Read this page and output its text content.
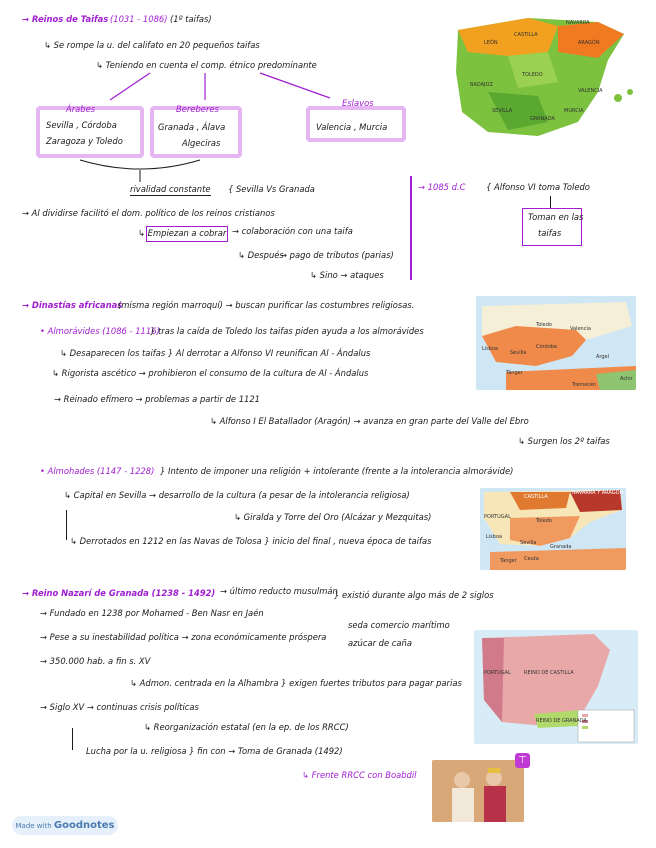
→ Reinos de Taifas (1031 - 1086) (1º taifas)
↳ Se rompe la u. del califato en 20 pequeños taifas
↳ Teniendo en cuenta el comp. étnico predominante
Árabes
Sevilla , Córdoba
Zaragoza y Toledo
Bereberes
Granada , Álava
Algeciras
Eslavos
Valencia , Murcia
rivalidad constante { Sevilla Vs Granada
→ Al dividirse facilitó el dom. político de los reinos cristianos
↳ Empiezan a cobrar → colaboración con una taifa
↳ Después
→ pago de tributos (parias)
↳ Sino → ataques
→ 1085 d.C { Alfonso VI toma Toledo
Toman en las
taifas
LEÓN
CASTILLA
NAVARRA
ARAGÓN
TOLEDO
BADAJOZ
SEVILLA
GRANADA
VALENCIA
MURCIA
→ Dinastías africanas
(misma región marroquí) → buscan purificar las costumbres religiosas.
• Almorávides (1086 - 1116)
} tras la caída de Toledo los taifas piden ayuda a los almorávides
↳ Desaparecen los taifas } Al derrotar a Alfonso VI reunifican Al - Ándalus
↳ Rigorista ascético → prohibieron el consumo de la cultura de Al - Ándalus
→ Reinado efímero → problemas a partir de 1121
↳ Alfonso I El Batallador (Aragón) → avanza en gran parte del Valle del Ebro
↳ Surgen los 2º taifas
Toledo
Valencia
Lisboa
Sevilla
Córdoba
Tánger
Argel
Achir
Tremecén
• Almohades (1147 - 1228) } Intento de imponer una religión + intolerante (frente a la intolerancia almorávide)
↳ Capital en Sevilla → desarrollo de la cultura (a pesar de la intolerancia religiosa)
↳ Giralda y Torre del Oro (Alcázar y Mezquitas)
↳ Derrotados en 1212 en las Navas de Tolosa } inicio del final , nueva época de taifas
CASTILLA
NAVARRA Y ARAGÓN
PORTUGAL
Lisboa
Toledo
Sevilla
Granada
Ceuta
Tánger
→ Reino Nazarí de Granada (1238 - 1492) → último reducto musulmán
} existió durante algo más de 2 siglos
→ Fundado en 1238 por Mohamed - Ben Nasr en Jaén
→ Pese a su inestabilidad política → zona económicamente próspera
seda comercio marítimo
azúcar de caña
→ 350.000 hab. a fin s. XV
↳ Admon. centrada en la Alhambra } exigen fuertes tributos para pagar parias
→ Siglo XV → continuas crisis políticas
↳ Reorganización estatal (en la ep. de los RRCC)
Lucha por la u. religiosa } fin con → Toma de Granada (1492)
↳ Frente RRCC con Boabdil
PORTUGAL	REINO DE CASTILLA
REINO DE GRANADA
⊤
Made with Goodnotes
